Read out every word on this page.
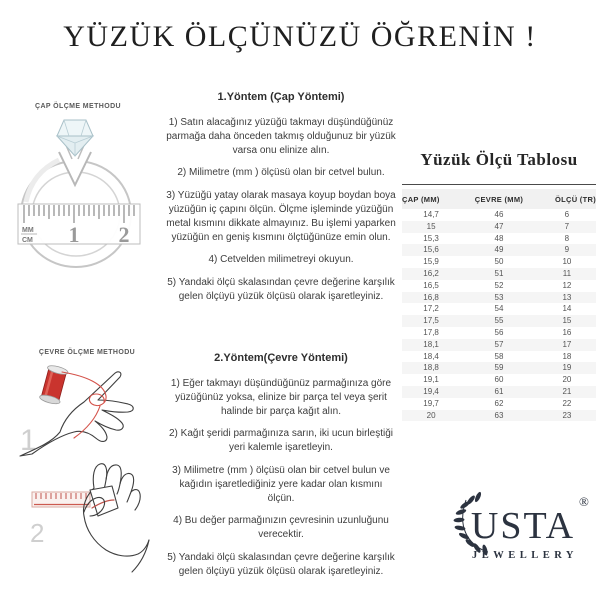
YÜZÜK ÖLÇÜNÜZÜ ÖĞRENİN !
ÇAP ÖLÇME METHODU
MM
CM 1 2
ÇEVRE ÖLÇME METHODU
1
2
1.Yöntem (Çap Yöntemi)

1) Satın alacağınız yüzüğü takmayı düşündüğünüz parmağa daha önceden takmış olduğunuz bir yüzük varsa onu elinize alın.

2) Milimetre (mm ) ölçüsü olan bir cetvel bulun.

3) Yüzüğü yatay olarak masaya koyup boydan boya yüzüğün iç çapını ölçün. Ölçme işleminde yüzüğün metal kısmını dikkate almayınız. Bu işlemi yaparken yüzüğün en geniş kısmını ölçtüğünüze emin olun.

4) Cetvelden milimetreyi okuyun.

5) Yandaki ölçü skalasından çevre değerine karşılık gelen ölçüyü yüzük ölçüsü olarak işaretleyiniz.

2.Yöntem(Çevre Yöntemi)

1) Eğer takmayı düşündüğünüz parmağınıza göre yüzüğünüz yoksa, elinize bir parça tel veya şerit halinde bir parça kağıt alın.

2) Kağıt şeridi parmağınıza sarın, iki ucun birleştiği yeri kalemle işaretleyin.

3) Milimetre (mm ) ölçüsü olan bir cetvel bulun ve kağıdın işaretlediğiniz yere kadar olan kısmını ölçün.

4) Bu değer parmağınızın çevresinin uzunluğunu verecektir.

5) Yandaki ölçü skalasından çevre değerine karşılık gelen ölçüyü yüzük ölçüsü olarak işaretleyiniz.

Yüzük Ölçü Tablosu
ÇAP (MM)	ÇEVRE (MM)	ÖLÇÜ (TR)
14,7	46	6
15	47	7
15,3	48	8
15,6	49	9
15,9	50	10
16,2	51	11
16,5	52	12
16,8	53	13
17,2	54	14
17,5	55	15
17,8	56	16
18,1	57	17
18,4	58	18
18,8	59	19
19,1	60	20
19,4	61	21
19,7	62	22
20	63	23
USTA
®
JEWELLERY
